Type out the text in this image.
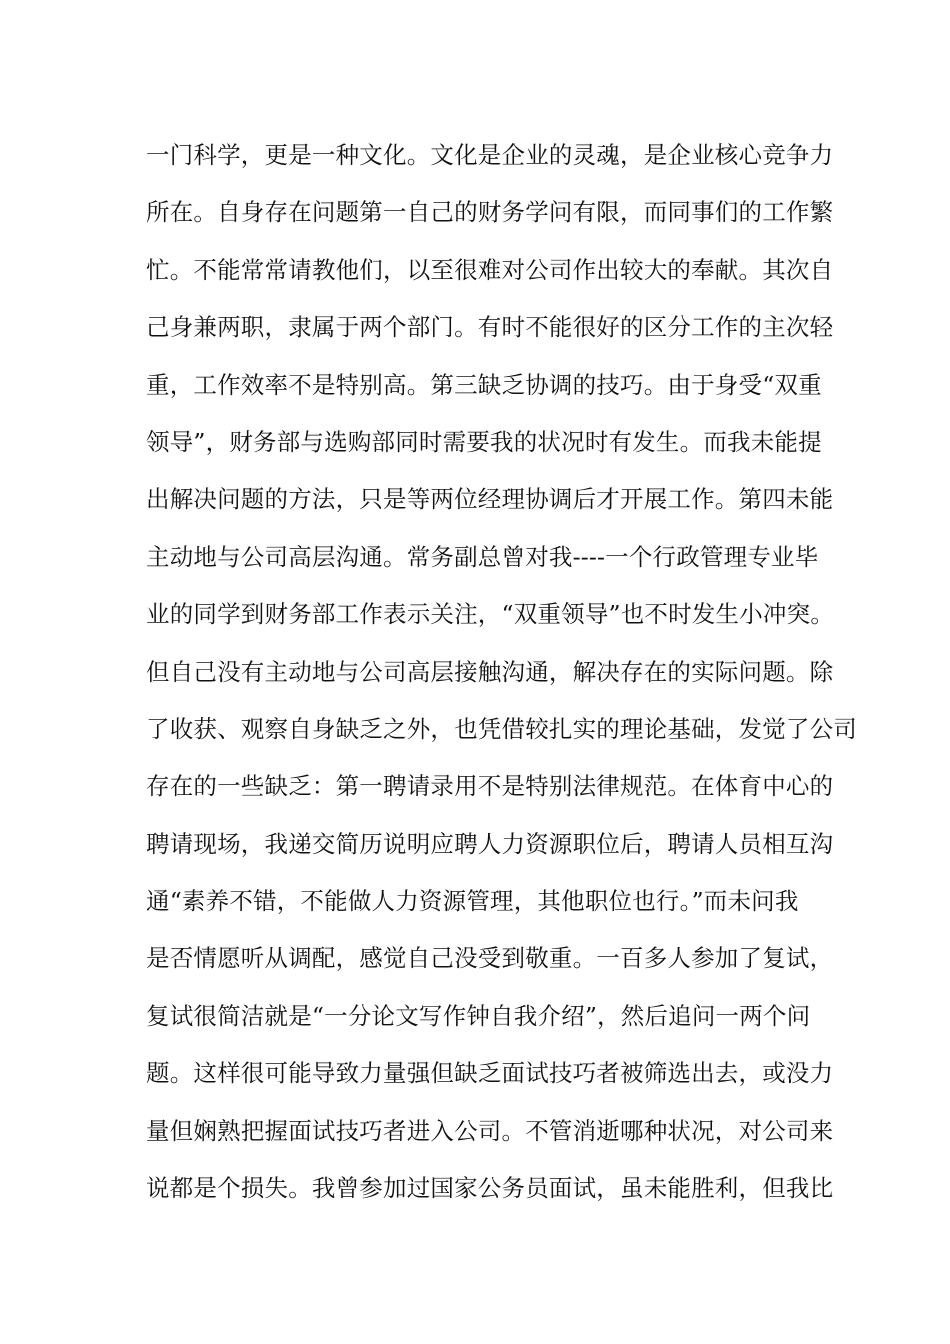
一门科学，更是一种文化。文化是企业的灵魂，是企业核心竞争力
所在。自身存在问题第一自己的财务学问有限，而同事们的工作繁
忙。不能常常请教他们，以至很难对公司作出较大的奉献。其次自
己身兼两职，隶属于两个部门。有时不能很好的区分工作的主次轻
重，工作效率不是特别高。第三缺乏协调的技巧。由于身受“双重
领导”，财务部与选购部同时需要我的状况时有发生。而我未能提
出解决问题的方法，只是等两位经理协调后才开展工作。第四未能
主动地与公司高层沟通。常务副总曾对我----一个行政管理专业毕
业的同学到财务部工作表示关注，“双重领导”也不时发生小冲突。
但自己没有主动地与公司高层接触沟通，解决存在的实际问题。除
了收获、观察自身缺乏之外，也凭借较扎实的理论基础，发觉了公司
存在的一些缺乏：第一聘请录用不是特别法律规范。在体育中心的
聘请现场，我递交简历说明应聘人力资源职位后，聘请人员相互沟
通“素养不错，不能做人力资源管理，其他职位也行。”而未问我
是否情愿听从调配，感觉自己没受到敬重。一百多人参加了复试，
复试很简洁就是“一分论文写作钟自我介绍”，然后追问一两个问
题。这样很可能导致力量强但缺乏面试技巧者被筛选出去，或没力
量但娴熟把握面试技巧者进入公司。不管消逝哪种状况，对公司来
说都是个损失。我曾参加过国家公务员面试，虽未能胜利，但我比
